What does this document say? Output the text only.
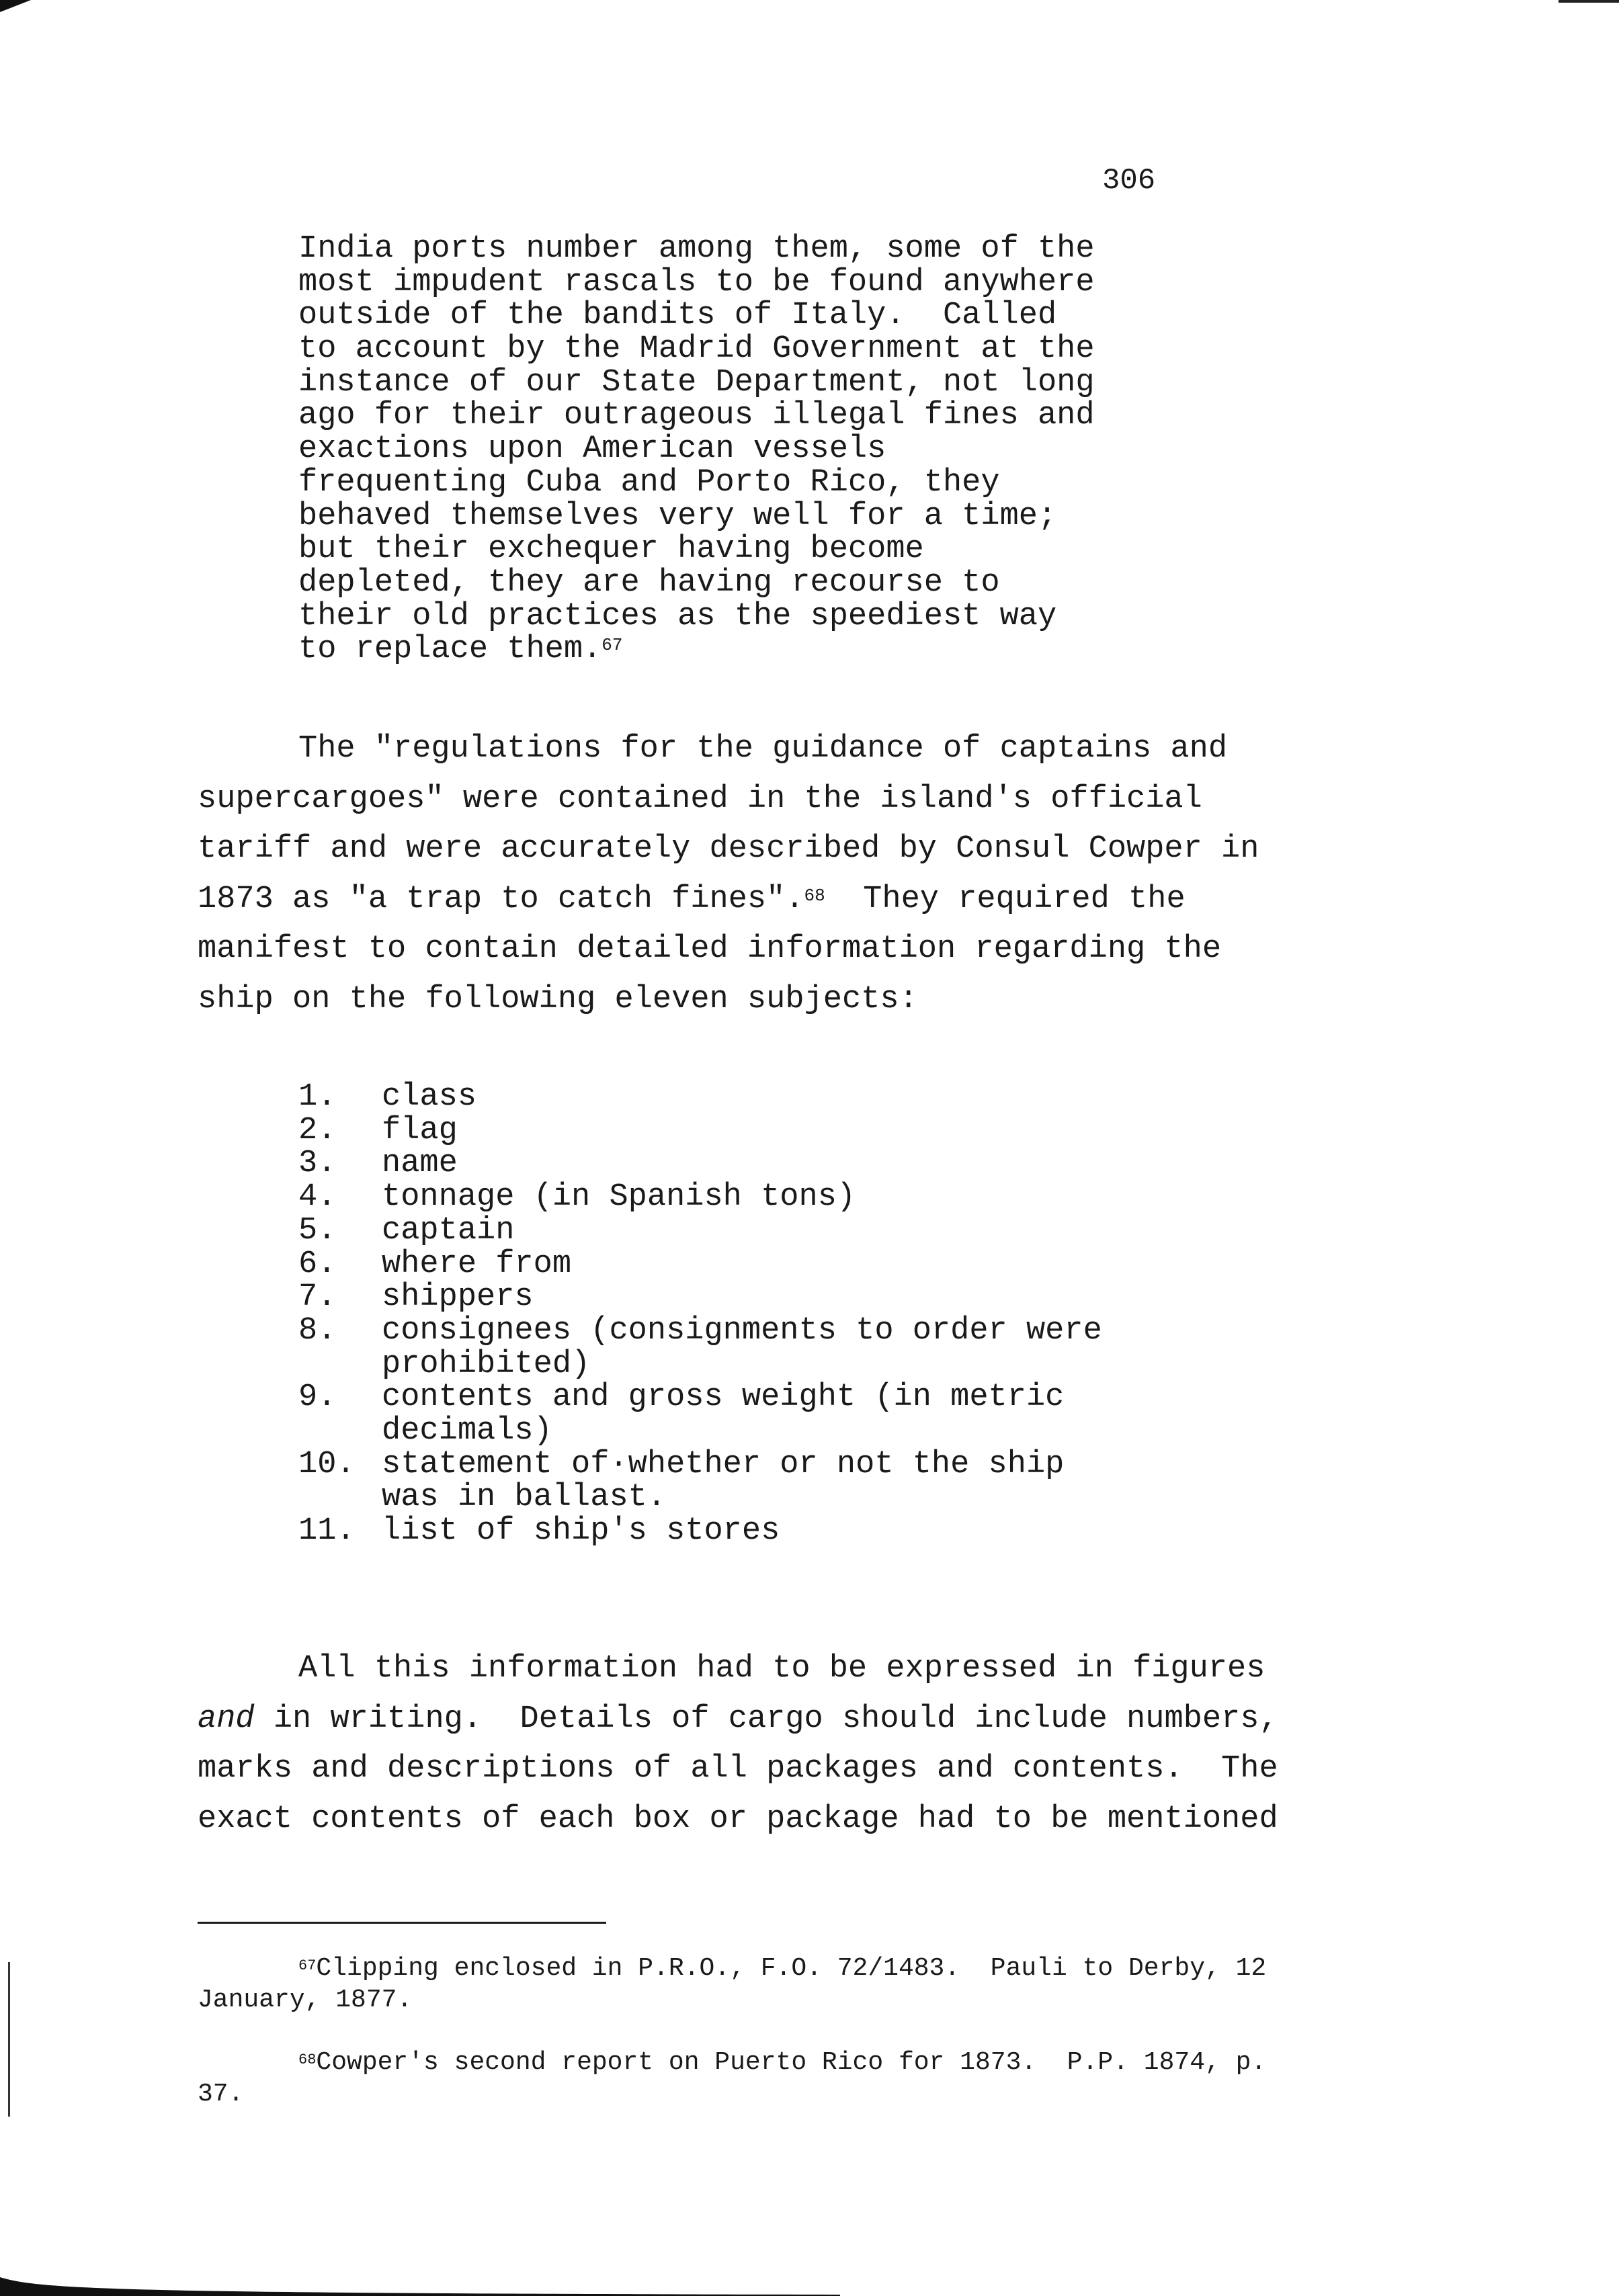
306
India ports number among them, some of the
most impudent rascals to be found anywhere
outside of the bandits of Italy.  Called
to account by the Madrid Government at the
instance of our State Department, not long
ago for their outrageous illegal fines and
exactions upon American vessels
frequenting Cuba and Porto Rico, they
behaved themselves very well for a time;
but their exchequer having become
depleted, they are having recourse to
their old practices as the speediest way
to replace them.$^{67}$
The "regulations for the guidance of captains and
supercargoes" were contained in the island's official
tariff and were accurately described by Consul Cowper in
1873 as "a trap to catch fines".$^{68}$  They required the
manifest to contain detailed information regarding the
ship on the following eleven subjects:
1.	class
2.	flag
3.	name
4.	tonnage (in Spanish tons)
5.	captain
6.	where from
7.	shippers
8.	consignees (consignments to order were
prohibited)
9.	contents and gross weight (in metric
decimals)
10. statement of·whether or not the ship
was in ballast.
11. list of ship's stores
All this information had to be expressed in figures
and in writing.  Details of cargo should include numbers,
marks and descriptions of all packages and contents.  The
exact contents of each box or package had to be mentioned
$^{67}$Clipping enclosed in P.R.O., F.O. 72/1483.  Pauli to Derby, 12
January, 1877.
$^{68}$Cowper's second report on Puerto Rico for 1873.  P.P. 1874, p.
37.
